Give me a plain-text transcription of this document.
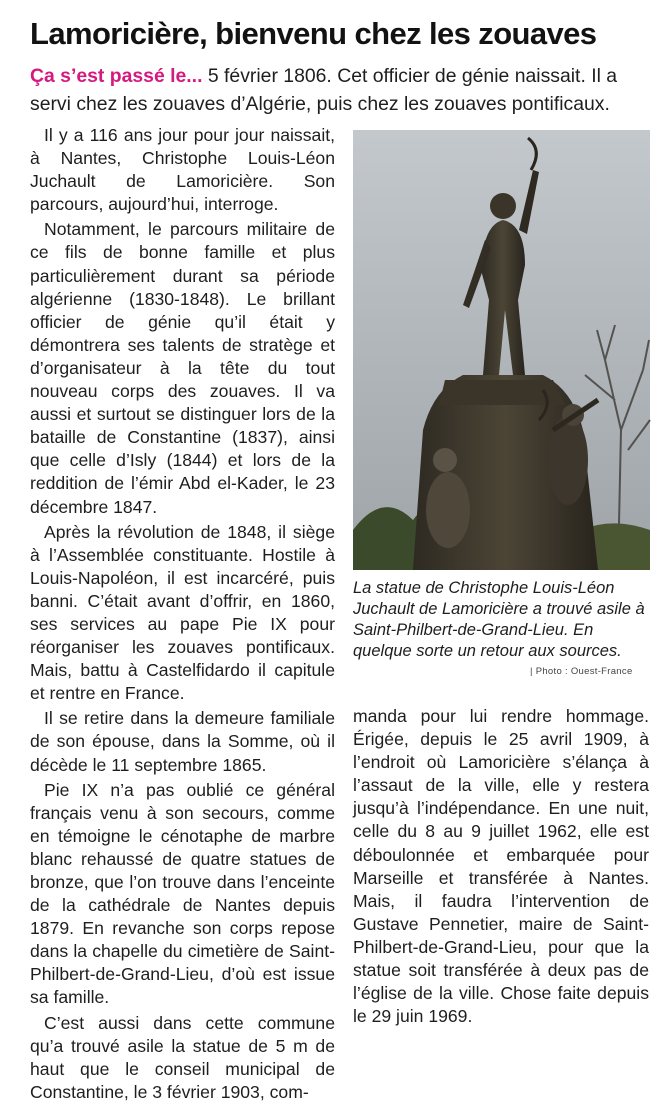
Lamoricière, bienvenu chez les zouaves
Ça s’est passé le... 5 février 1806. Cet officier de génie naissait. Il a servi chez les zouaves d’Algérie, puis chez les zouaves pontificaux.

Il y a 116 ans jour pour jour naissait, à Nantes, Christophe Louis-Léon Juchault de Lamoricière. Son parcours, aujourd’hui, interroge.

Notamment, le parcours militaire de ce fils de bonne famille et plus particulièrement durant sa période algérienne (1830-1848). Le brillant officier de génie qu’il était y démontrera ses talents de stratège et d’organisateur à la tête du tout nouveau corps des zouaves. Il va aussi et surtout se distinguer lors de la bataille de Constantine (1837), ainsi que celle d’Isly (1844) et lors de la reddition de l’émir Abd el-Kader, le 23 décembre 1847.

Après la révolution de 1848, il siège à l’Assemblée constituante. Hostile à Louis-Napoléon, il est incarcéré, puis banni. C’était avant d’offrir, en 1860, ses services au pape Pie IX pour réorganiser les zouaves pontificaux. Mais, battu à Castelfidardo il capitule et rentre en France.

Il se retire dans la demeure familiale de son épouse, dans la Somme, où il décède le 11 septembre 1865.

Pie IX n’a pas oublié ce général français venu à son secours, comme en témoigne le cénotaphe de marbre blanc rehaussé de quatre statues de bronze, que l’on trouve dans l’enceinte de la cathédrale de Nantes depuis 1879. En revanche son corps repose dans la chapelle du cimetière de Saint-Philbert-de-Grand-Lieu, d’où est issue sa famille.

C’est aussi dans cette commune qu’a trouvé asile la statue de 5 m de haut que le conseil municipal de Constantine, le 3 février 1903, com-

La statue de Christophe Louis-Léon Juchault de Lamoricière a trouvé asile à Saint-Philbert-de-Grand-Lieu. En quelque sorte un retour aux sources.
| Photo : Ouest-France

manda pour lui rendre hommage. Érigée, depuis le 25 avril 1909, à l’endroit où Lamoricière s’élança à l’assaut de la ville, elle y restera jusqu’à l’indépendance. En une nuit, celle du 8 au 9 juillet 1962, elle est déboulonnée et embarquée pour Marseille et transférée à Nantes. Mais, il faudra l’intervention de Gustave Pennetier, maire de Saint-Philbert-de-Grand-Lieu, pour que la statue soit transférée à deux pas de l’église de la ville. Chose faite depuis le 29 juin 1969.
